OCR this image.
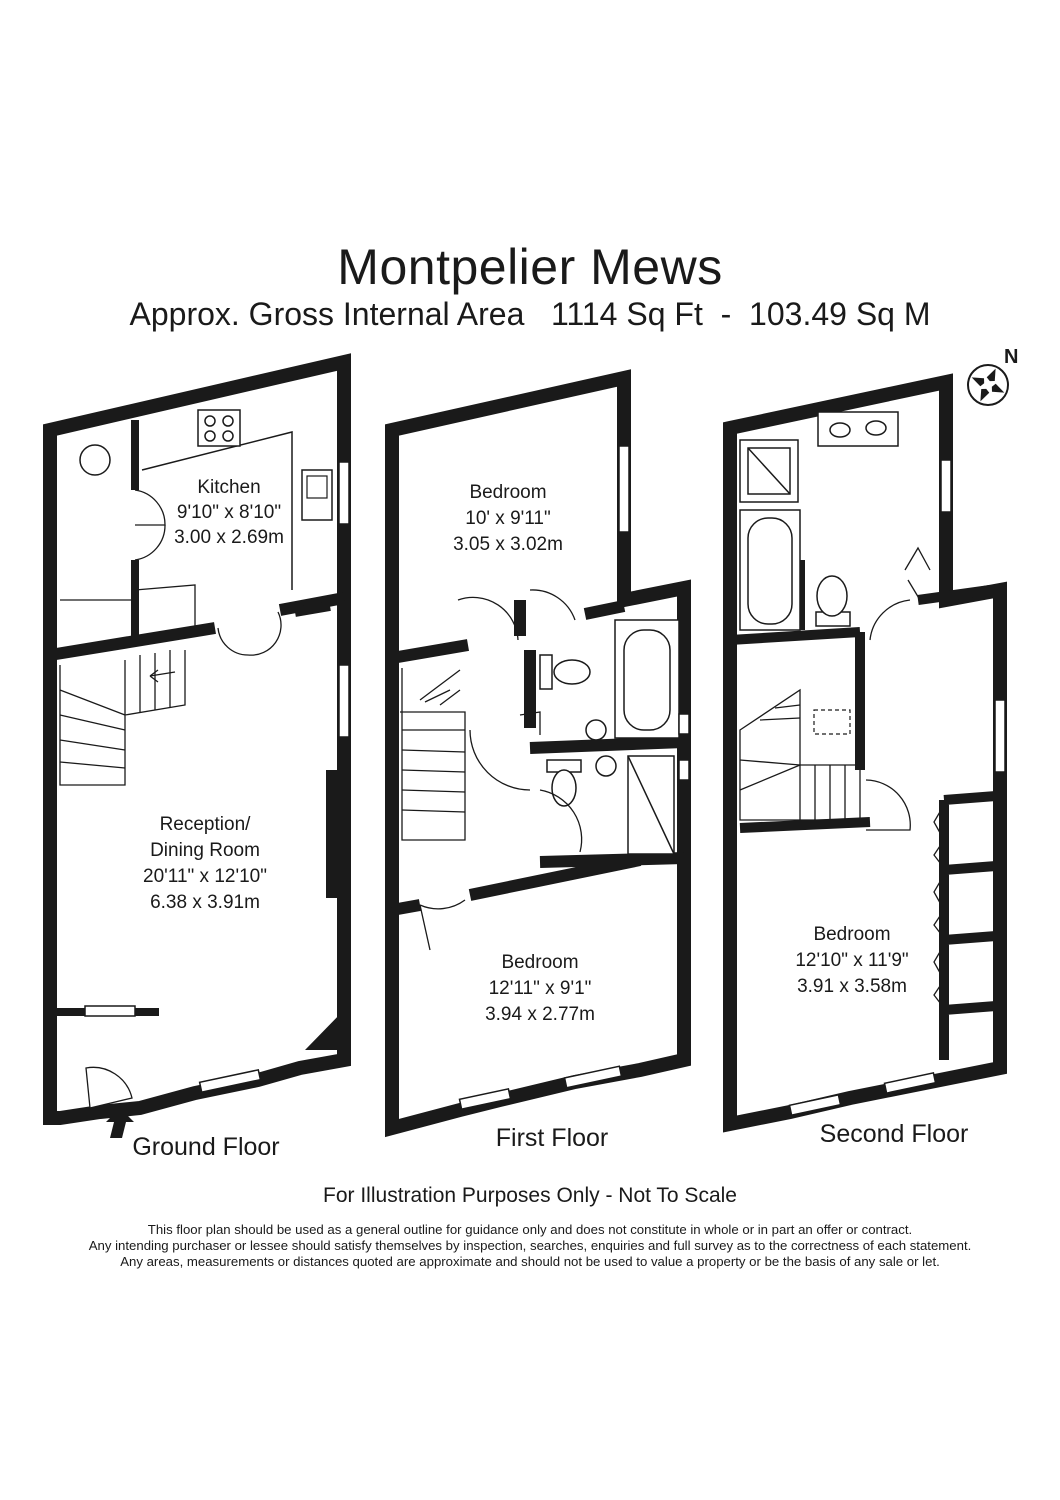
Montpelier Mews
Approx. Gross Internal Area   1114 Sq Ft  -  103.49 Sq M
Kitchen
9'10" x 8'10"
3.00 x 2.69m
Reception/
Dining Room
20'11" x 12'10"
6.38 x 3.91m
Ground Floor
Bedroom
10' x 9'11"
3.05 x 3.02m
Bedroom
12'11" x 9'1"
3.94 x 2.77m
First Floor
Bedroom
12'10" x 11'9"
3.91 x 3.58m
Second Floor
N
For Illustration Purposes Only - Not To Scale
This floor plan should be used as a general outline for guidance only and does not constitute in whole or in part an offer or contract.
Any intending purchaser or lessee should satisfy themselves by inspection, searches, enquiries and full survey as to the correctness of each statement.
Any areas, measurements or distances quoted are approximate and should not be used to value a property or be the basis of any sale or let.
